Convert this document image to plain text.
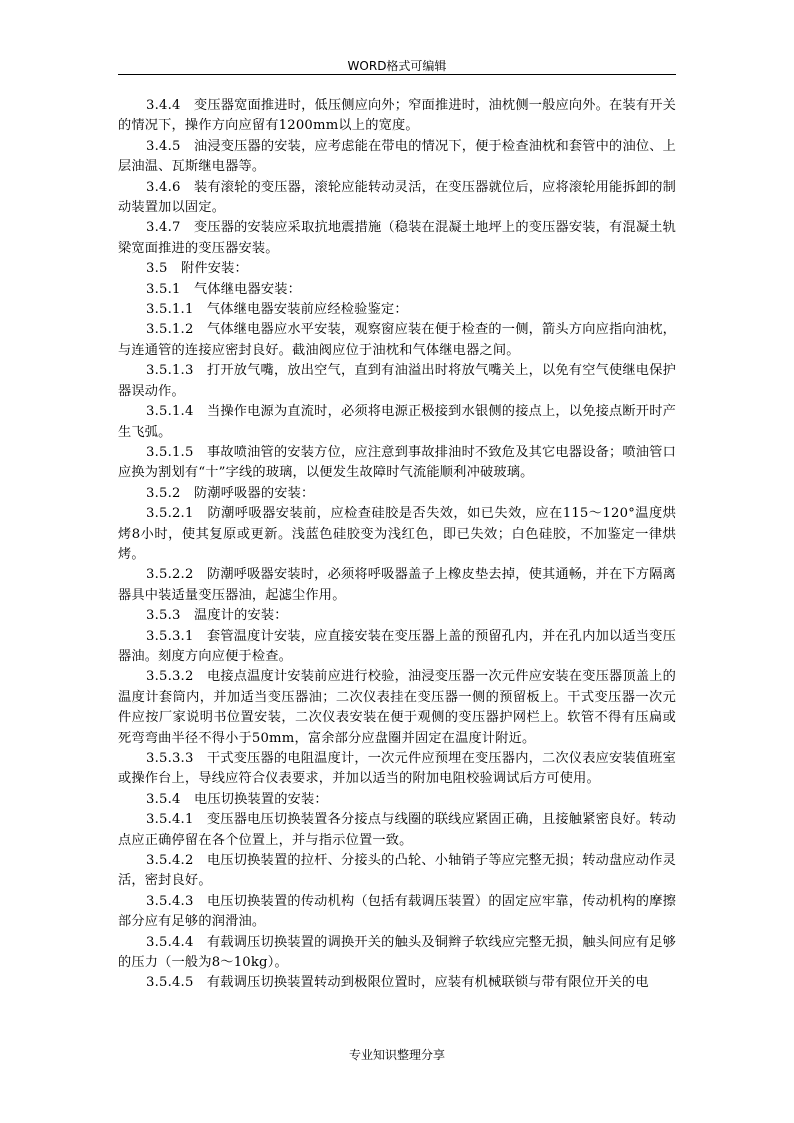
WORD格式可编辑

3.4.4　变压器宽面推进时，低压侧应向外；窄面推进时，油枕侧一般应向外。在装有开关的情况下，操作方向应留有1200mm以上的宽度。

3.4.5　油浸变压器的安装，应考虑能在带电的情况下，便于检查油枕和套管中的油位、上层油温、瓦斯继电器等。

3.4.6　装有滚轮的变压器，滚轮应能转动灵活，在变压器就位后，应将滚轮用能拆卸的制动装置加以固定。

3.4.7　变压器的安装应采取抗地震措施（稳装在混凝土地坪上的变压器安装，有混凝土轨梁宽面推进的变压器安装。

3.5　附件安装：

3.5.1　气体继电器安装：

3.5.1.1　气体继电器安装前应经检验鉴定：

3.5.1.2　气体继电器应水平安装，观察窗应装在便于检查的一侧，箭头方向应指向油枕，与连通管的连接应密封良好。截油阀应位于油枕和气体继电器之间。

3.5.1.3　打开放气嘴，放出空气，直到有油溢出时将放气嘴关上，以免有空气使继电保护器误动作。

3.5.1.4　当操作电源为直流时，必须将电源正极接到水银侧的接点上，以免接点断开时产生飞弧。

3.5.1.5　事故喷油管的安装方位，应注意到事故排油时不致危及其它电器设备；喷油管口应换为割划有“十”字线的玻璃，以便发生故障时气流能顺利冲破玻璃。

3.5.2　防潮呼吸器的安装：

3.5.2.1　防潮呼吸器安装前，应检查硅胶是否失效，如已失效，应在115～120°温度烘烤8小时，使其复原或更新。浅蓝色硅胶变为浅红色，即已失效；白色硅胶，不加鉴定一律烘烤。

3.5.2.2　防潮呼吸器安装时，必须将呼吸器盖子上橡皮垫去掉，使其通畅，并在下方隔离器具中装适量变压器油，起滤尘作用。

3.5.3　温度计的安装：

3.5.3.1　套管温度计安装，应直接安装在变压器上盖的预留孔内，并在孔内加以适当变压器油。刻度方向应便于检查。

3.5.3.2　电接点温度计安装前应进行校验，油浸变压器一次元件应安装在变压器顶盖上的温度计套筒内，并加适当变压器油；二次仪表挂在变压器一侧的预留板上。干式变压器一次元件应按厂家说明书位置安装，二次仪表安装在便于观侧的变压器护网栏上。软管不得有压扁或死弯弯曲半径不得小于50mm，富余部分应盘圈并固定在温度计附近。

3.5.3.3　干式变压器的电阻温度计，一次元件应预埋在变压器内，二次仪表应安装值班室或操作台上，导线应符合仪表要求，并加以适当的附加电阻校验调试后方可使用。

3.5.4　电压切换装置的安装：

3.5.4.1　变压器电压切换装置各分接点与线圈的联线应紧固正确，且接触紧密良好。转动点应正确停留在各个位置上，并与指示位置一致。

3.5.4.2　电压切换装置的拉杆、分接头的凸轮、小轴销子等应完整无损；转动盘应动作灵活，密封良好。

3.5.4.3　电压切换装置的传动机构（包括有载调压装置）的固定应牢靠，传动机构的摩擦部分应有足够的润滑油。

3.5.4.4　有载调压切换装置的调换开关的触头及铜辫子软线应完整无损，触头间应有足够的压力（一般为8～10kg）。

3.5.4.5　有载调压切换装置转动到极限位置时，应装有机械联锁与带有限位开关的电

专业知识整理分享
